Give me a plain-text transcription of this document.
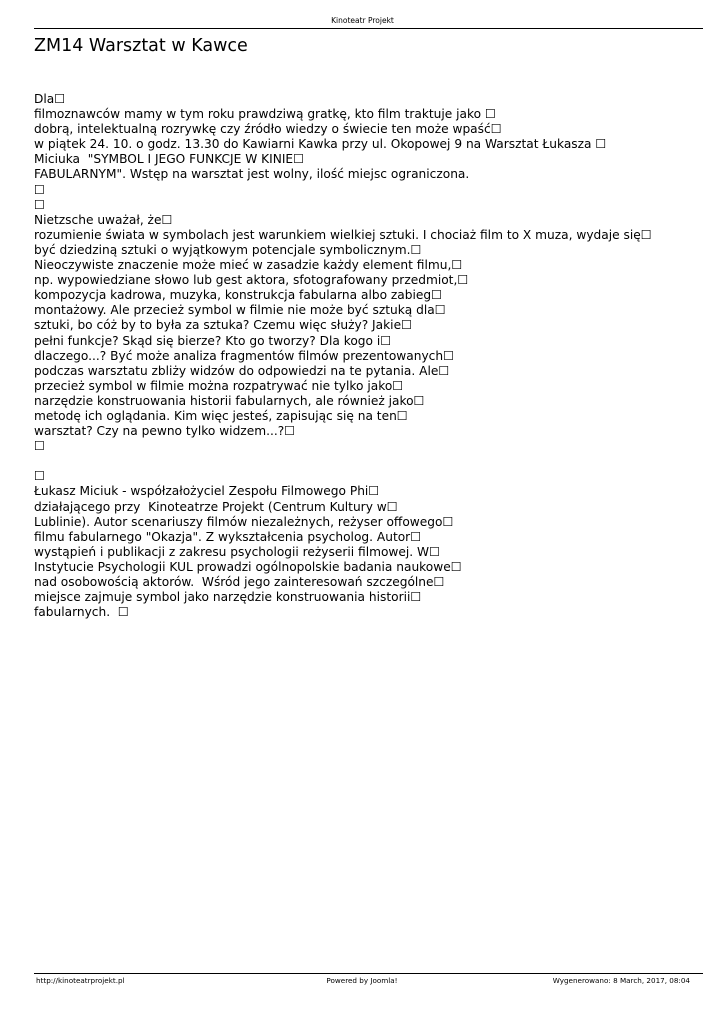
Kinoteatr Projekt
ZM14 Warsztat w Kawce
Dla☐
filmoznawców mamy w tym roku prawdziwą gratkę, kto film traktuje jako ☐
dobrą, intelektualną rozrywkę czy źródło wiedzy o świecie ten może wpaść☐
w piątek 24. 10. o godz. 13.30 do Kawiarni Kawka przy ul. Okopowej 9 na Warsztat Łukasza ☐
Miciuka  "SYMBOL I JEGO FUNKCJE W KINIE☐
FABULARNYM". Wstęp na warsztat jest wolny, ilość miejsc ograniczona.
☐
☐
Nietzsche uważał, że☐
rozumienie świata w symbolach jest warunkiem wielkiej sztuki. I chociaż film to X muza, wydaje się☐
być dziedziną sztuki o wyjątkowym potencjale symbolicznym.☐
Nieoczywiste znaczenie może mieć w zasadzie każdy element filmu,☐
np. wypowiedziane słowo lub gest aktora, sfotografowany przedmiot,☐
kompozycja kadrowa, muzyka, konstrukcja fabularna albo zabieg☐
montażowy. Ale przecież symbol w filmie nie może być sztuką dla☐
sztuki, bo cóż by to była za sztuka? Czemu więc służy? Jakie☐
pełni funkcje? Skąd się bierze? Kto go tworzy? Dla kogo i☐
dlaczego...? Być może analiza fragmentów filmów prezentowanych☐
podczas warsztatu zbliży widzów do odpowiedzi na te pytania. Ale☐
przecież symbol w filmie można rozpatrywać nie tylko jako☐
narzędzie konstruowania historii fabularnych, ale również jako☐
metodę ich oglądania. Kim więc jesteś, zapisując się na ten☐
warsztat? Czy na pewno tylko widzem...?☐
☐
☐
Łukasz Miciuk - współzałożyciel Zespołu Filmowego Phi☐
działającego przy  Kinoteatrze Projekt (Centrum Kultury w☐
Lublinie). Autor scenariuszy filmów niezależnych, reżyser offowego☐
filmu fabularnego "Okazja". Z wykształcenia psycholog. Autor☐
wystąpień i publikacji z zakresu psychologii reżyserii filmowej. W☐
Instytucie Psychologii KUL prowadzi ogólnopolskie badania naukowe☐
nad osobowością aktorów.  Wśród jego zainteresowań szczególne☐
miejsce zajmuje symbol jako narzędzie konstruowania historii☐
fabularnych.  ☐
http://kinoteatrprojekt.pl	Powered by Joomla!	Wygenerowano: 8 March, 2017, 08:04
